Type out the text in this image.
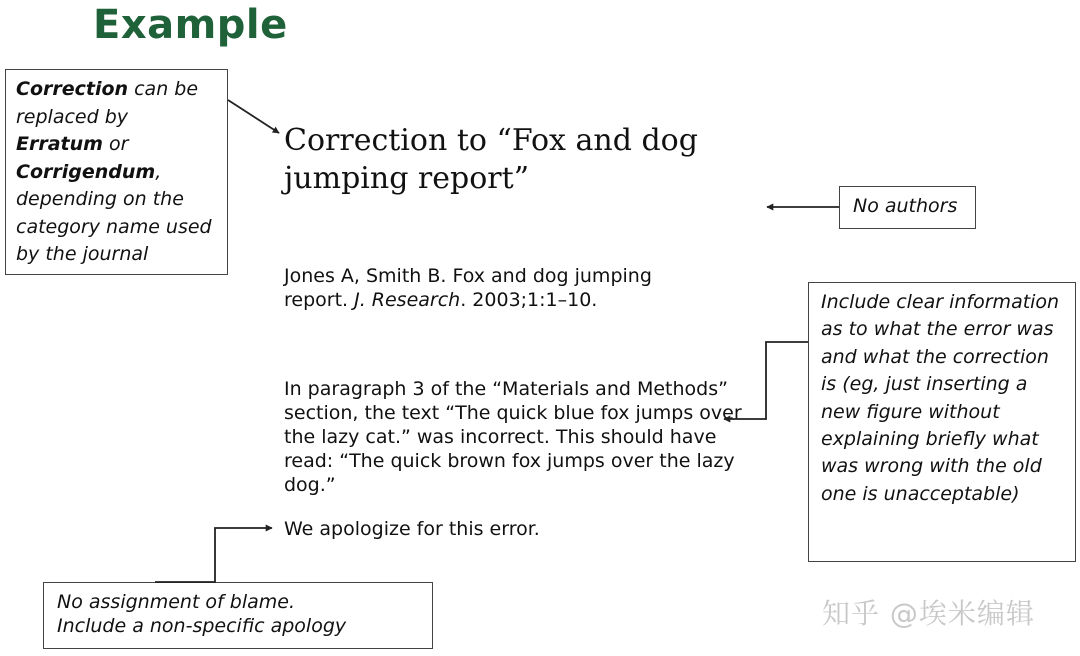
Example
Correction can be replaced by
Erratum or
Corrigendum, depending on the category name used by the journal
No authors
Include clear information as to what the error was and what the correction is (eg, just inserting a new figure without explaining briefly what was wrong with the old one is unacceptable)
No assignment of blame.
Include a non-specific apology
Correction to “Fox and dog jumping report”
Jones A, Smith B. Fox and dog jumping report. J. Research. 2003;1:1–10.
In paragraph 3 of the “Materials and Methods” section, the text “The quick blue fox jumps over the lazy cat.” was incorrect. This should have read: “The quick brown fox jumps over the lazy dog.”
We apologize for this error.
知乎 @埃米编辑
